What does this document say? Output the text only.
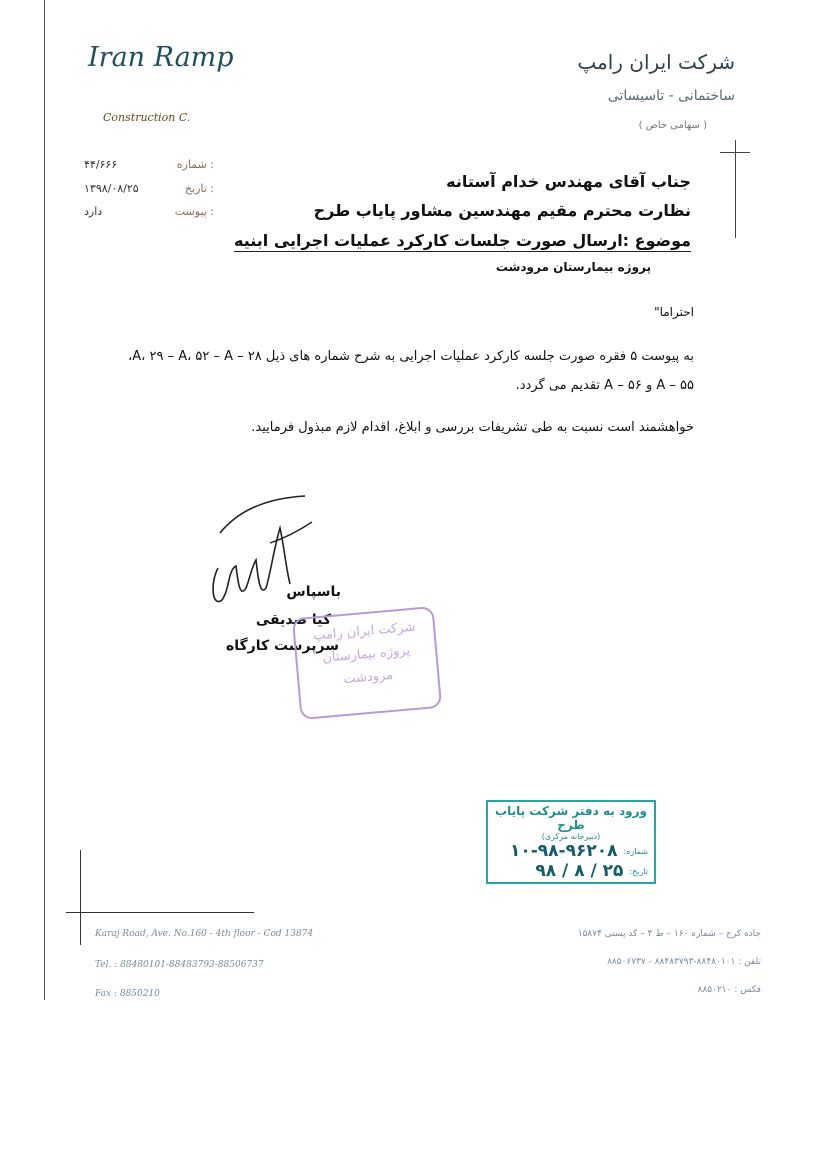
Iran Ramp
Construction C.
شرکت ایران رامپ
ساختمانی - تاسیساتی
( سهامی خاص )
۴۴/۶۶۶	شماره :
۱۳۹۸/۰۸/۲۵	تاریخ :
دارد	پیوست :
جناب آقای مهندس خدام آستانه
نظارت محترم مقیم مهندسین مشاور پایاب طرح
موضوع :ارسال صورت جلسات کارکرد عملیات اجرایی ابنیه
پروژه بیمارستان مرودشت
احتراما"
به پیوست ۵ فقره صورت جلسه کارکرد عملیات اجرایی به شرح شماره های ذیل ۲۸ – A، ۲۹ – A، ۵۲ – A،
۵۵ – A و ۵۶ – A تقدیم می گردد.
خواهشمند است نسبت به طی تشریفات بررسی و ابلاغ، اقدام لازم مبذول فرمایید.
باسپاس
کیا صدیقی
سرپرست کارگاه
شرکت ایران رامپ
پروژه بیمارستان
مرودشت
ورود به دفتر شرکت پایاب طرح
(دبیرخانه مرکزی)
شماره:
۱۰-۹۸-۹۶۲۰۸
تاریخ:
۹۸ / ۸ / ۲۵
Karaj Road, Ave. No.160 - 4th floor - Cod 13874
Tel. : 88480101-88483793-88506737
Fax : 8850210
جاده کرج – شماره ۱۶۰ – ط ۴ – کد پستی ۱۵۸۷۴
تلفن : ۸۸۴۸۰۱۰۱-۸۸۴۸۳۷۹۳ - ۸۸۵۰۶۷۳۷
فکس : ۸۸۵۰۲۱۰
